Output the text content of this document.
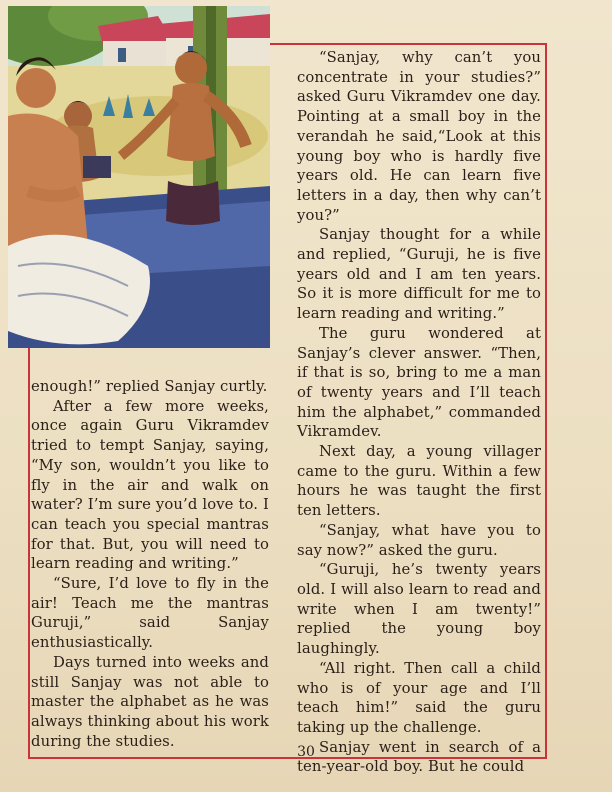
enough!” replied Sanjay curtly.

After a few more weeks, once again Guru Vikramdev tried to tempt Sanjay, saying, “My son, wouldn’t you like to fly in the air and walk on water? I’m sure you’d love to. I can teach you special mantras for that. But, you will need to learn reading and writing.”

“Sure, I’d love to fly in the air! Teach me the mantras Guruji,” said Sanjay enthusiastically.

Days turned into weeks and still Sanjay was not able to master the alphabet as he was always thinking about his work during the studies.

“Sanjay, why can’t you concentrate in your studies?” asked Guru Vikramdev one day. Pointing at a small boy in the verandah he said,“Look at this young boy who is hardly five years old. He can learn five letters in a day, then why can’t you?”

Sanjay thought for a while and replied, “Guruji, he is five years old and I am ten years. So it is more difficult for me to learn reading and writing.”

The guru wondered at Sanjay’s clever answer. “Then, if that is so, bring to me a man of twenty years and I’ll teach him the alphabet,” commanded Vikramdev.

Next day, a young villager came to the guru. Within a few hours he was taught the first ten letters.

“Sanjay, what have you to say now?” asked the guru.

“Guruji, he’s twenty years old. I will also learn to read and write when I am twenty!” replied the young boy laughingly.

“All right. Then call a child who is of your age and I’ll teach him!” said the guru taking up the challenge.

Sanjay went in search of a ten-year-old boy. But he could

30
